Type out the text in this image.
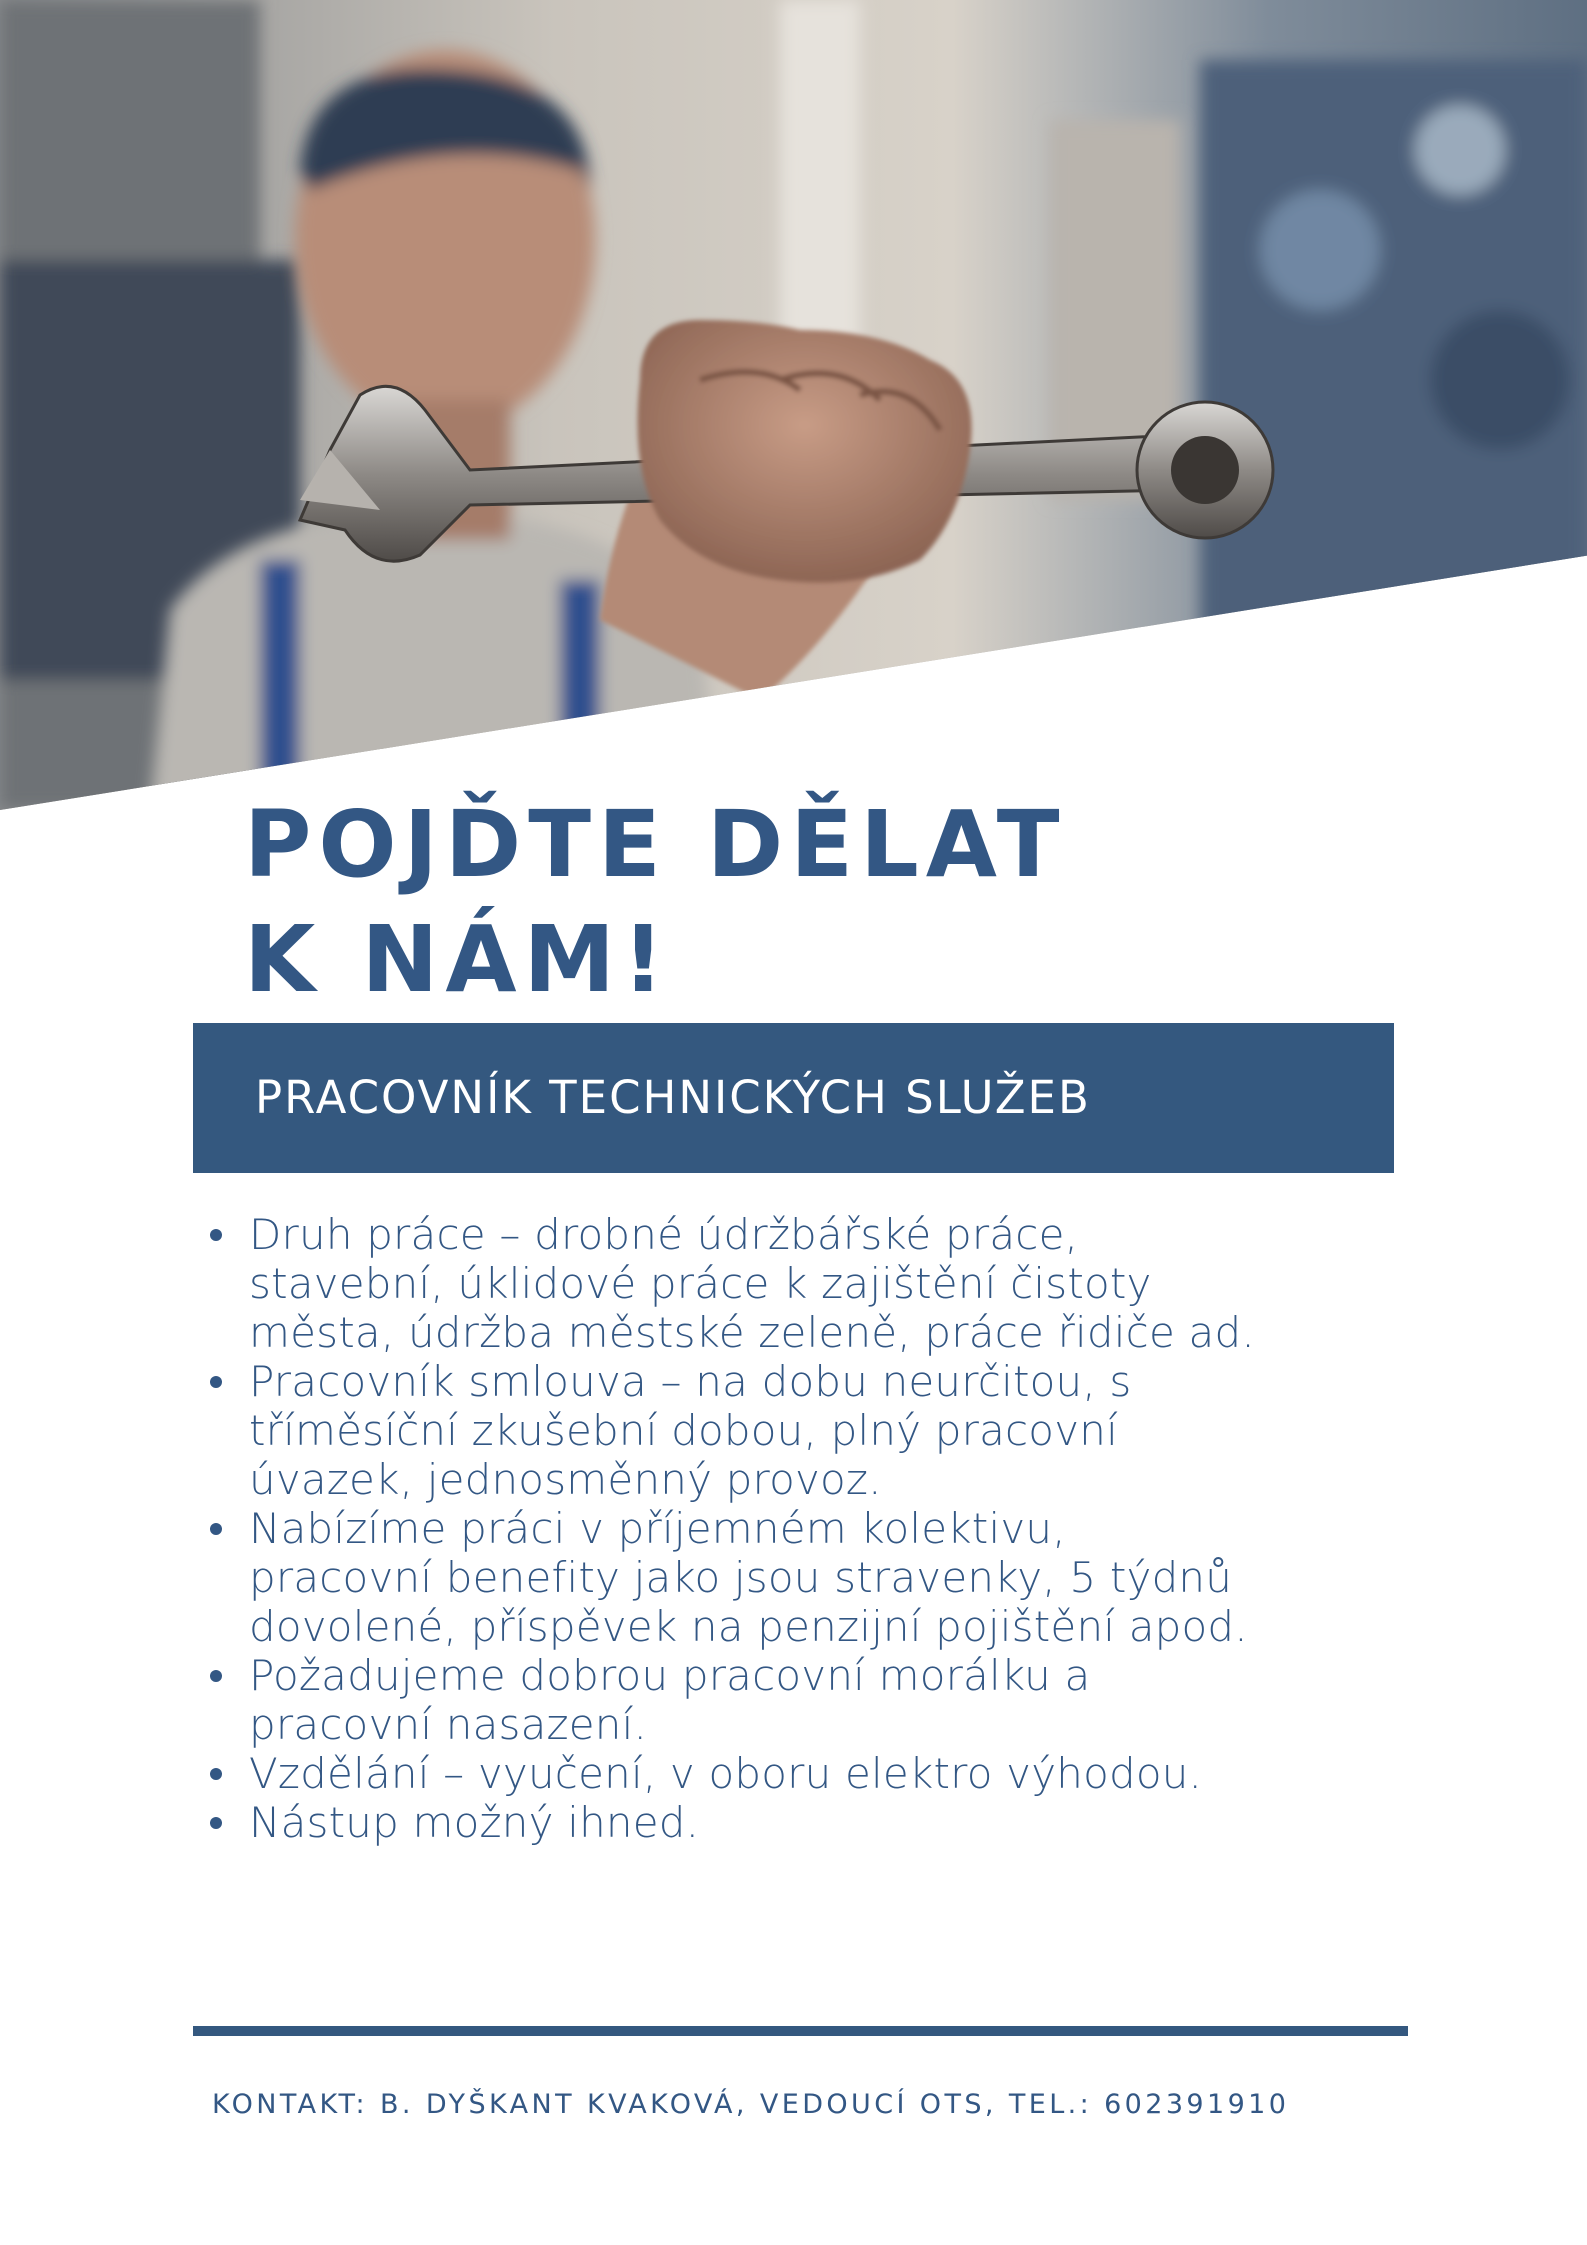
POJĎTE DĚLAT
K NÁM!
PRACOVNÍK TECHNICKÝCH SLUŽEB
Druh práce – drobné údržbářské práce,
stavební, úklidové práce k zajištění čistoty
města, údržba městské zeleně, práce řidiče ad.
Pracovník smlouva – na dobu neurčitou, s
tříměsíční zkušební dobou, plný pracovní
úvazek, jednosměnný provoz.
Nabízíme práci v příjemném kolektivu,
pracovní benefity jako jsou stravenky, 5 týdnů
dovolené, příspěvek na penzijní pojištění apod.
Požadujeme dobrou pracovní morálku a
pracovní nasazení.
Vzdělání – vyučení, v oboru elektro výhodou.
Nástup možný ihned.
KONTAKT: B. DYŠKANT KVAKOVÁ, VEDOUCÍ OTS, TEL.: 602391910
